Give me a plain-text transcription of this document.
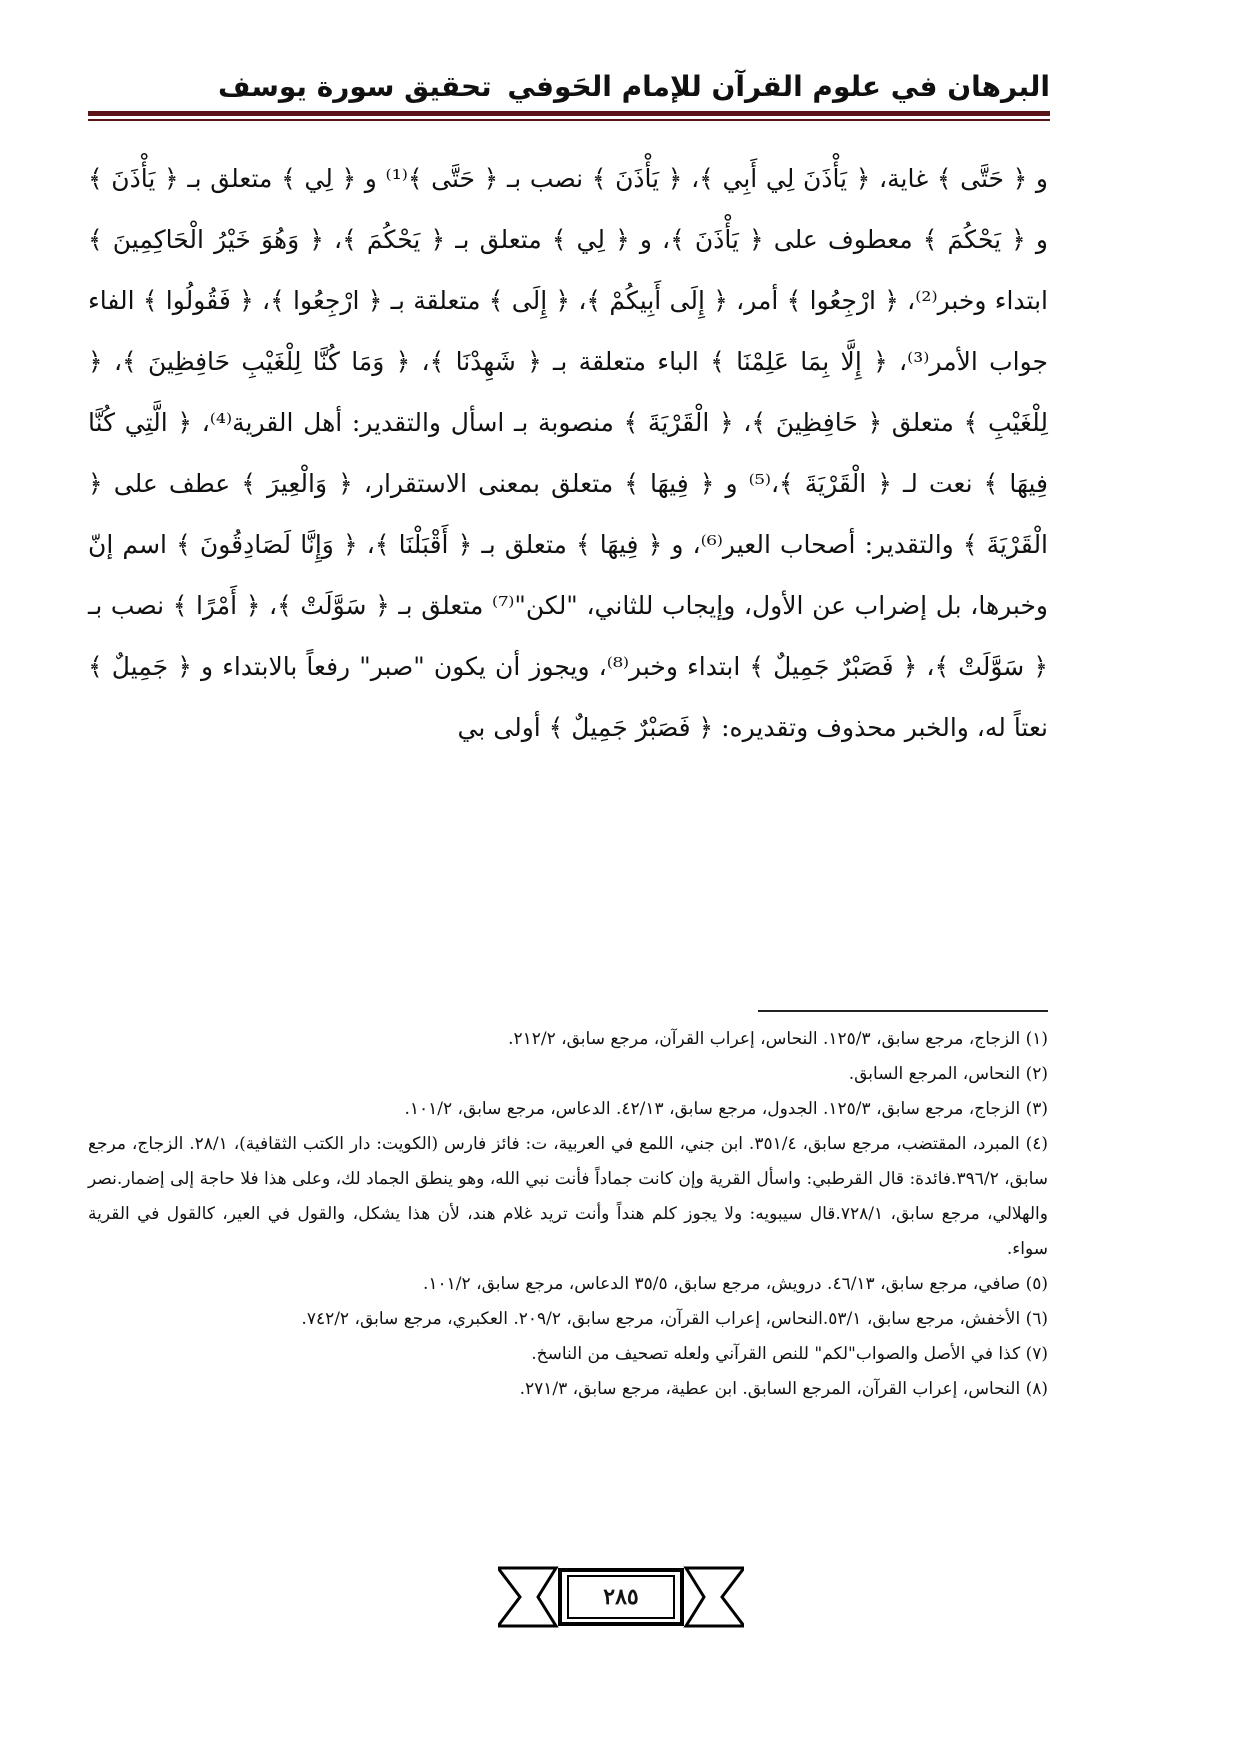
البرهان في علوم القرآن للإمام الحَوفي
تحقيق سورة يوسف

و ﴿ حَتَّى ﴾ غاية، ﴿ يَأْذَنَ لِي أَبِي ﴾، ﴿ يَأْذَنَ ﴾ نصب بـ ﴿ حَتَّى ﴾⁽¹⁾ و ﴿ لِي ﴾ متعلق بـ ﴿ يَأْذَنَ ﴾ و ﴿ يَحْكُمَ ﴾ معطوف على ﴿ يَأْذَنَ ﴾، و ﴿ لِي ﴾ متعلق بـ ﴿ يَحْكُمَ ﴾، ﴿ وَهُوَ خَيْرُ الْحَاكِمِينَ ﴾ ابتداء وخبر⁽²⁾، ﴿ ارْجِعُوا ﴾ أمر، ﴿ إِلَى أَبِيكُمْ ﴾، ﴿ إِلَى ﴾ متعلقة بـ ﴿ ارْجِعُوا ﴾، ﴿ فَقُولُوا ﴾ الفاء جواب الأمر⁽³⁾، ﴿ إِلَّا بِمَا عَلِمْنَا ﴾ الباء متعلقة بـ ﴿ شَهِدْنَا ﴾، ﴿ وَمَا كُنَّا لِلْغَيْبِ حَافِظِينَ ﴾، ﴿ لِلْغَيْبِ ﴾ متعلق ﴿ حَافِظِينَ ﴾، ﴿ الْقَرْيَةَ ﴾ منصوبة بـ اسأل والتقدير: أهل القرية⁽⁴⁾، ﴿ الَّتِي كُنَّا فِيهَا ﴾ نعت لـ ﴿ الْقَرْيَةَ ﴾،⁽⁵⁾ و ﴿ فِيهَا ﴾ متعلق بمعنى الاستقرار، ﴿ وَالْعِيرَ ﴾ عطف على ﴿ الْقَرْيَةَ ﴾ والتقدير: أصحاب العير⁽⁶⁾، و ﴿ فِيهَا ﴾ متعلق بـ ﴿ أَقْبَلْنَا ﴾، ﴿ وَإِنَّا لَصَادِقُونَ ﴾ اسم إنّ وخبرها، بل إضراب عن الأول، وإيجاب للثاني، "لكن"⁽⁷⁾ متعلق بـ ﴿ سَوَّلَتْ ﴾، ﴿ أَمْرًا ﴾ نصب بـ ﴿ سَوَّلَتْ ﴾، ﴿ فَصَبْرٌ جَمِيلٌ ﴾ ابتداء وخبر⁽⁸⁾، ويجوز أن يكون "صبر" رفعاً بالابتداء و ﴿ جَمِيلٌ ﴾ نعتاً له، والخبر محذوف وتقديره: ﴿ فَصَبْرٌ جَمِيلٌ ﴾ أولى بي

(١) الزجاج، مرجع سابق، ١٢٥/٣. النحاس، إعراب القرآن، مرجع سابق، ٢١٢/٢.

(٢) النحاس، المرجع السابق.

(٣) الزجاج، مرجع سابق، ١٢٥/٣. الجدول، مرجع سابق، ٤٢/١٣. الدعاس، مرجع سابق، ١٠١/٢.

(٤) المبرد، المقتضب، مرجع سابق، ٣٥١/٤. ابن جني، اللمع في العربية، ت: فائز فارس (الكويت: دار الكتب الثقافية)، ٢٨/١. الزجاج، مرجع سابق، ٣٩٦/٢.فائدة: قال القرطبي: واسأل القرية وإن كانت جماداً فأنت نبي الله، وهو ينطق الجماد لك، وعلى هذا فلا حاجة إلى إضمار.نصر والهلالي، مرجع سابق، ٧٢٨/١.قال سيبويه: ولا يجوز كلم هنداً وأنت تريد غلام هند، لأن هذا يشكل، والقول في العير، كالقول في القرية سواء.

(٥) صافي، مرجع سابق، ٤٦/١٣. درويش، مرجع سابق، ٣٥/٥ الدعاس، مرجع سابق، ١٠١/٢.

(٦) الأخفش، مرجع سابق، ٥٣/١.النحاس، إعراب القرآن، مرجع سابق، ٢٠٩/٢. العكبري، مرجع سابق، ٧٤٢/٢.

(٧) كذا في الأصل والصواب"لكم" للنص القرآني ولعله تصحيف من الناسخ.

(٨) النحاس، إعراب القرآن، المرجع السابق. ابن عطية، مرجع سابق، ٢٧١/٣.

٢٨٥
